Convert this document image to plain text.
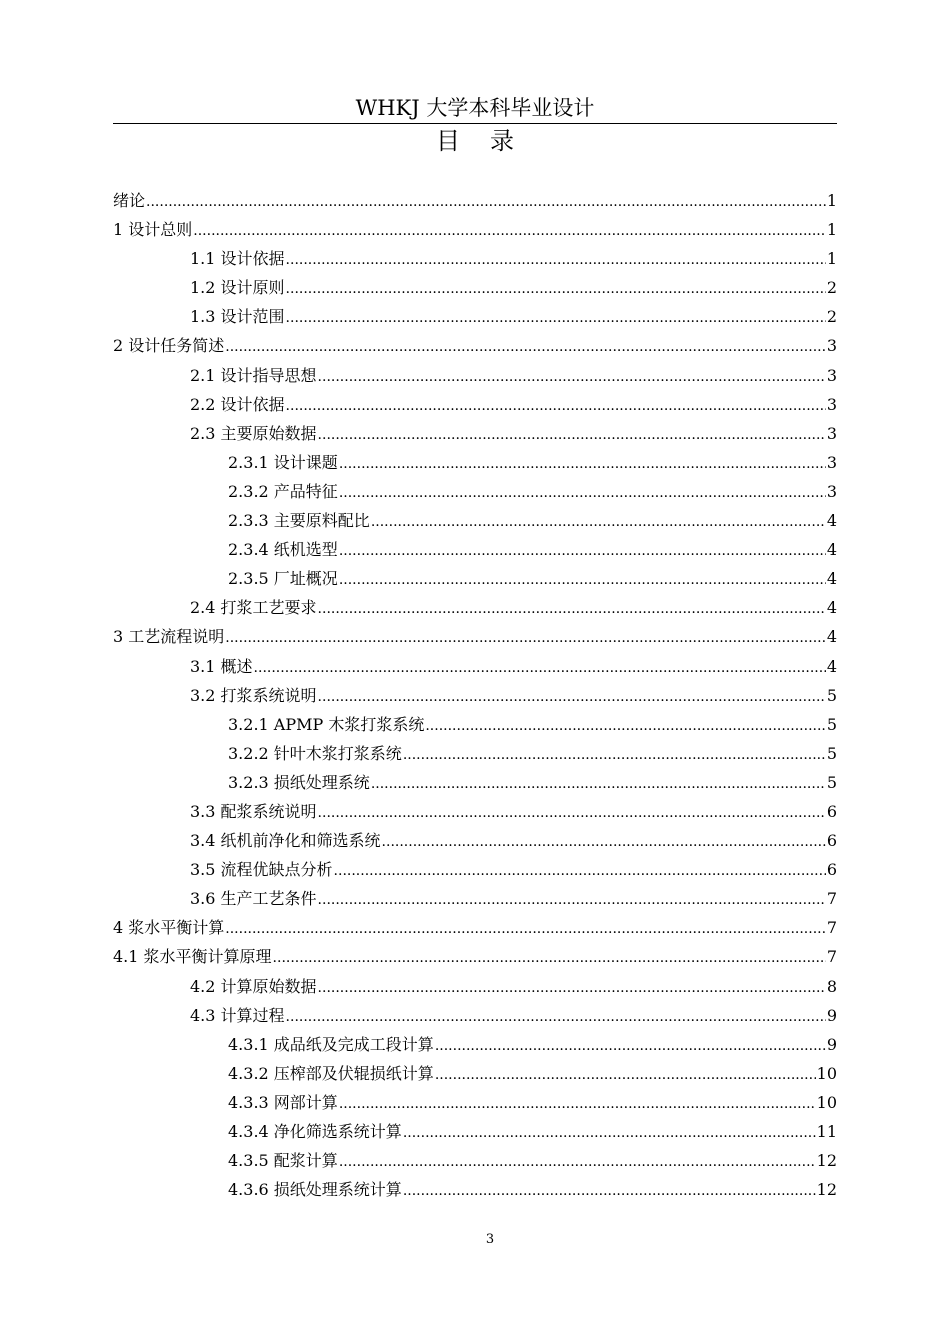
WHKJ 大学本科毕业设计
目录
绪论 .....	1
1 设计总则 .....	1
1.1 设计依据 .....	1
1.2 设计原则 .....	2
1.3 设计范围 .....	2
2 设计任务简述 .....	3
2.1 设计指导思想 .....	3
2.2 设计依据 .....	3
2.3 主要原始数据 .....	3
2.3.1 设计课题 .....	3
2.3.2 产品特征 .....	3
2.3.3 主要原料配比 .....	4
2.3.4 纸机选型 .....	4
2.3.5 厂址概况 .....	4
2.4 打浆工艺要求 .....	4
3 工艺流程说明 .....	4
3.1 概述 .....	4
3.2 打浆系统说明 .....	5
3.2.1 APMP 木浆打浆系统 .....	5
3.2.2 针叶木浆打浆系统 .....	5
3.2.3 损纸处理系统 .....	5
3.3 配浆系统说明 .....	6
3.4 纸机前净化和筛选系统 .....	6
3.5 流程优缺点分析 .....	6
3.6 生产工艺条件 .....	7
4 浆水平衡计算 .....	7
4.1 浆水平衡计算原理 .....	7
4.2 计算原始数据 .....	8
4.3 计算过程 .....	9
4.3.1 成品纸及完成工段计算 .....	9
4.3.2 压榨部及伏辊损纸计算 .....	10
4.3.3 网部计算 .....	10
4.3.4 净化筛选系统计算 .....	11
4.3.5 配浆计算 .....	12
4.3.6 损纸处理系统计算 .....	12
3
